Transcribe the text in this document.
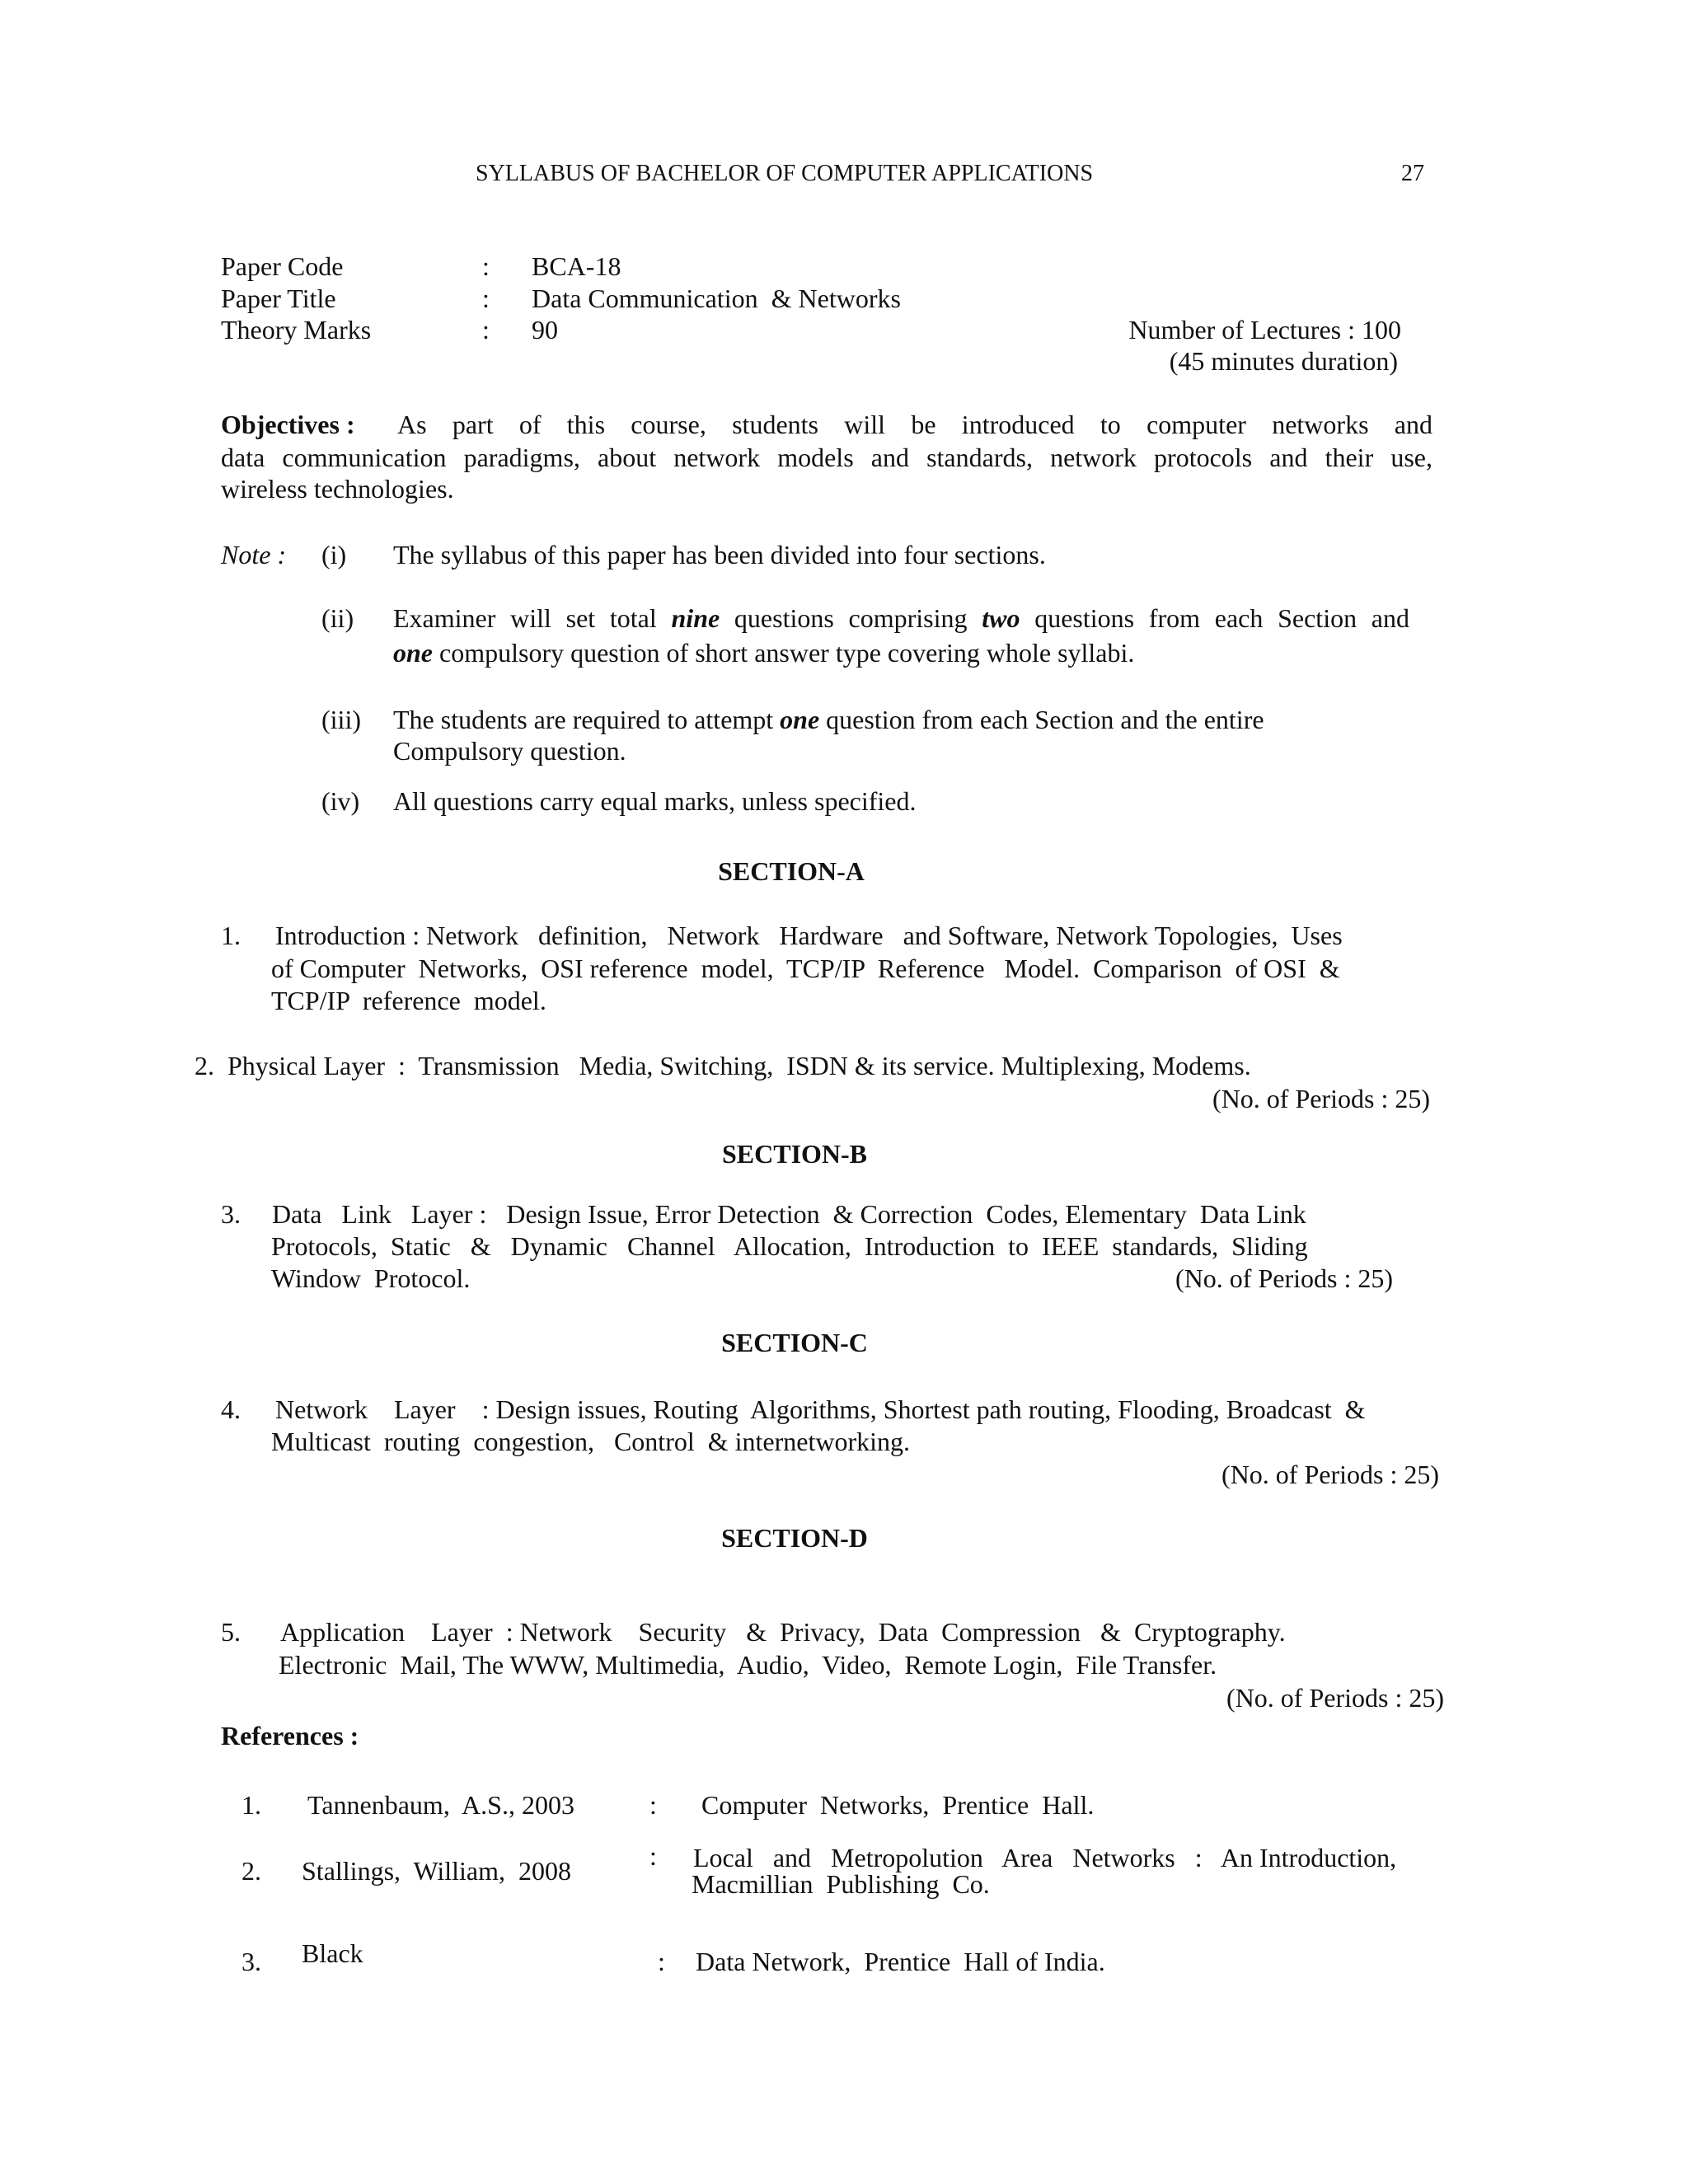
SYLLABUS OF BACHELOR OF COMPUTER APPLICATIONS	27
Paper Code	: BCA-18
Paper Title	: Data Communication  & Networks
Theory Marks	: 90	Number of Lectures : 100
(45 minutes duration)
Objectives : As part of this course, students will be introduced to computer networks and
data communication paradigms, about network models and standards, network protocols and their use,
wireless technologies.
Note : (i) The syllabus of this paper has been divided into four sections.
(ii) Examiner will set total nine questions comprising two questions from each Section and
one compulsory question of short answer type covering whole syllabi.
(iii) The students are required to attempt one question from each Section and the entire
Compulsory question.
(iv) All questions carry equal marks, unless specified.
SECTION-A
1. Introduction : Network   definition,   Network   Hardware   and Software, Network Topologies,  Uses
of Computer  Networks,  OSI reference  model,  TCP/IP  Reference   Model.  Comparison  of OSI  &
TCP/IP  reference  model.
2.  Physical Layer  :  Transmission   Media, Switching,  ISDN & its service. Multiplexing, Modems.
(No. of Periods : 25)
SECTION-B
3. Data   Link   Layer :   Design Issue, Error Detection  & Correction  Codes, Elementary  Data Link
Protocols,  Static   &   Dynamic   Channel   Allocation,  Introduction  to  IEEE  standards,  Sliding
Window  Protocol.	(No. of Periods : 25)
SECTION-C
4. Network    Layer    : Design issues, Routing  Algorithms, Shortest path routing, Flooding, Broadcast  &
Multicast  routing  congestion,   Control  & internetworking.
(No. of Periods : 25)
SECTION-D
5. Application    Layer  : Network    Security   &  Privacy,  Data  Compression   &  Cryptography.
Electronic  Mail, The WWW, Multimedia,  Audio,  Video,  Remote Login,  File Transfer.
(No. of Periods : 25)
References :
1. Tannenbaum,  A.S., 2003	: Computer  Networks,  Prentice  Hall.
2. Stallings,  William,  2008	: Local   and   Metropolution   Area   Networks   :   An Introduction,
Macmillian  Publishing  Co.
3. Black	: Data Network,  Prentice  Hall of India.
